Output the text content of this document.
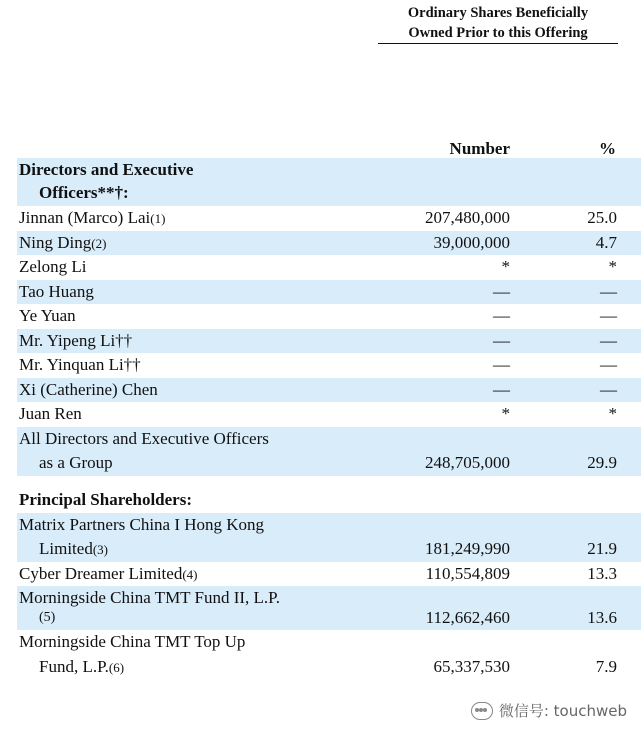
Ordinary Shares Beneficially
Owned Prior to this Offering
Number	%
Directors and Executive
Officers**†:
Jinnan (Marco) Lai(1)	207,480,000	25.0
Ning Ding(2)	39,000,000	4.7
Zelong Li	*	*
Tao Huang	—	—
Ye Yuan	—	—
Mr. Yipeng Li††	—	—
Mr. Yinquan Li††	—	—
Xi (Catherine) Chen	—	—
Juan Ren	*	*
All Directors and Executive Officers
as a Group	248,705,000	29.9
Principal Shareholders:
Matrix Partners China I Hong Kong
Limited(3)	181,249,990	21.9
Cyber Dreamer Limited(4)	110,554,809	13.3
Morningside China TMT Fund II, L.P.
(5)	112,662,460	13.6
Morningside China TMT Top Up
Fund, L.P.(6)	65,337,530	7.9
微信号: touchweb
